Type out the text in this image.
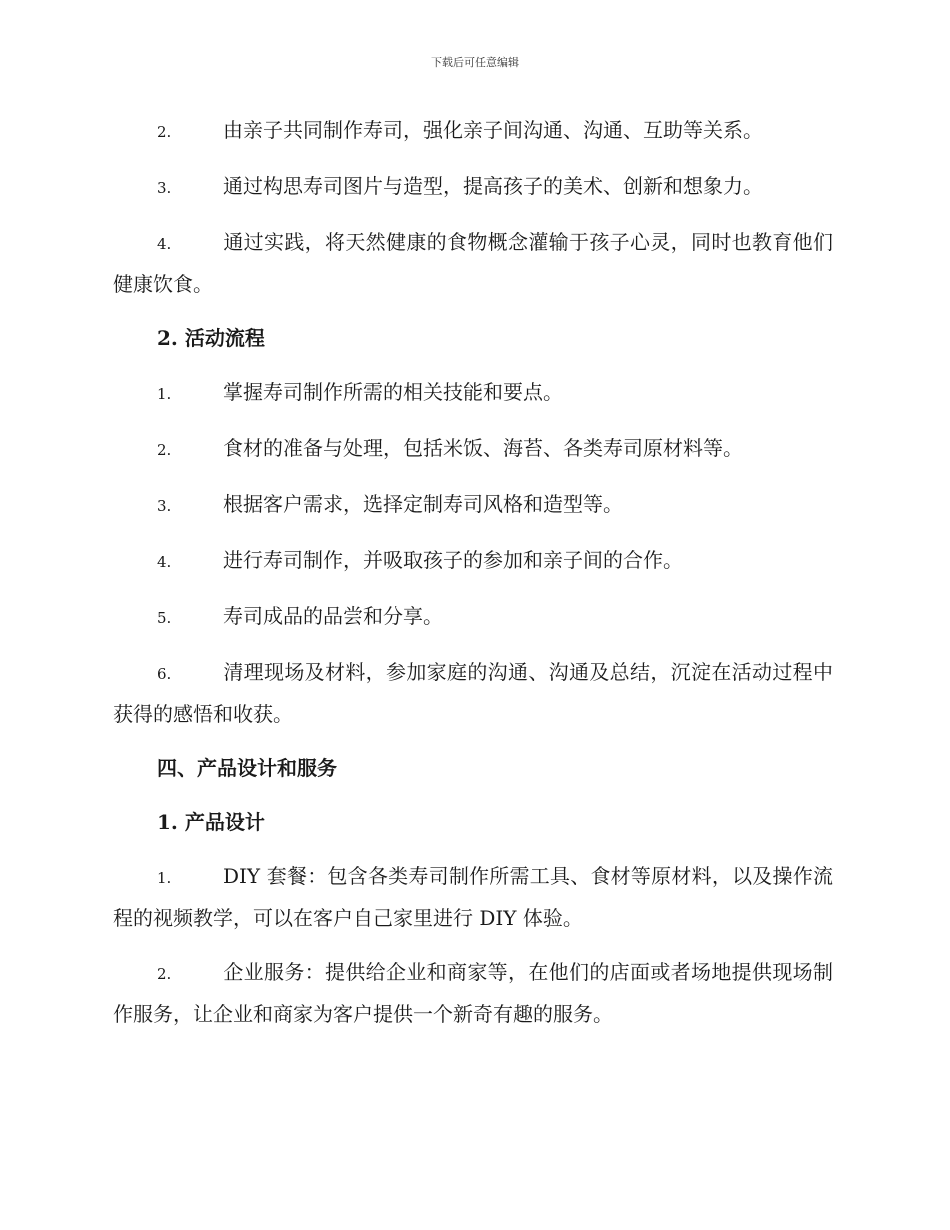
下载后可任意编辑

2.	由亲子共同制作寿司，强化亲子间沟通、沟通、互助等关系。

3.	通过构思寿司图片与造型，提高孩子的美术、创新和想象力。

4.	通过实践，将天然健康的食物概念灌输于孩子心灵，同时也教育他们健康饮食。

2. 活动流程

1.	掌握寿司制作所需的相关技能和要点。

2.	食材的准备与处理，包括米饭、海苔、各类寿司原材料等。

3.	根据客户需求，选择定制寿司风格和造型等。

4.	进行寿司制作，并吸取孩子的参加和亲子间的合作。

5.	寿司成品的品尝和分享。

6.	清理现场及材料，参加家庭的沟通、沟通及总结，沉淀在活动过程中获得的感悟和收获。

四、产品设计和服务

1. 产品设计

1.	DIY 套餐：包含各类寿司制作所需工具、食材等原材料，以及操作流程的视频教学，可以在客户自己家里进行 DIY 体验。

2.	企业服务：提供给企业和商家等，在他们的店面或者场地提供现场制作服务，让企业和商家为客户提供一个新奇有趣的服务。
